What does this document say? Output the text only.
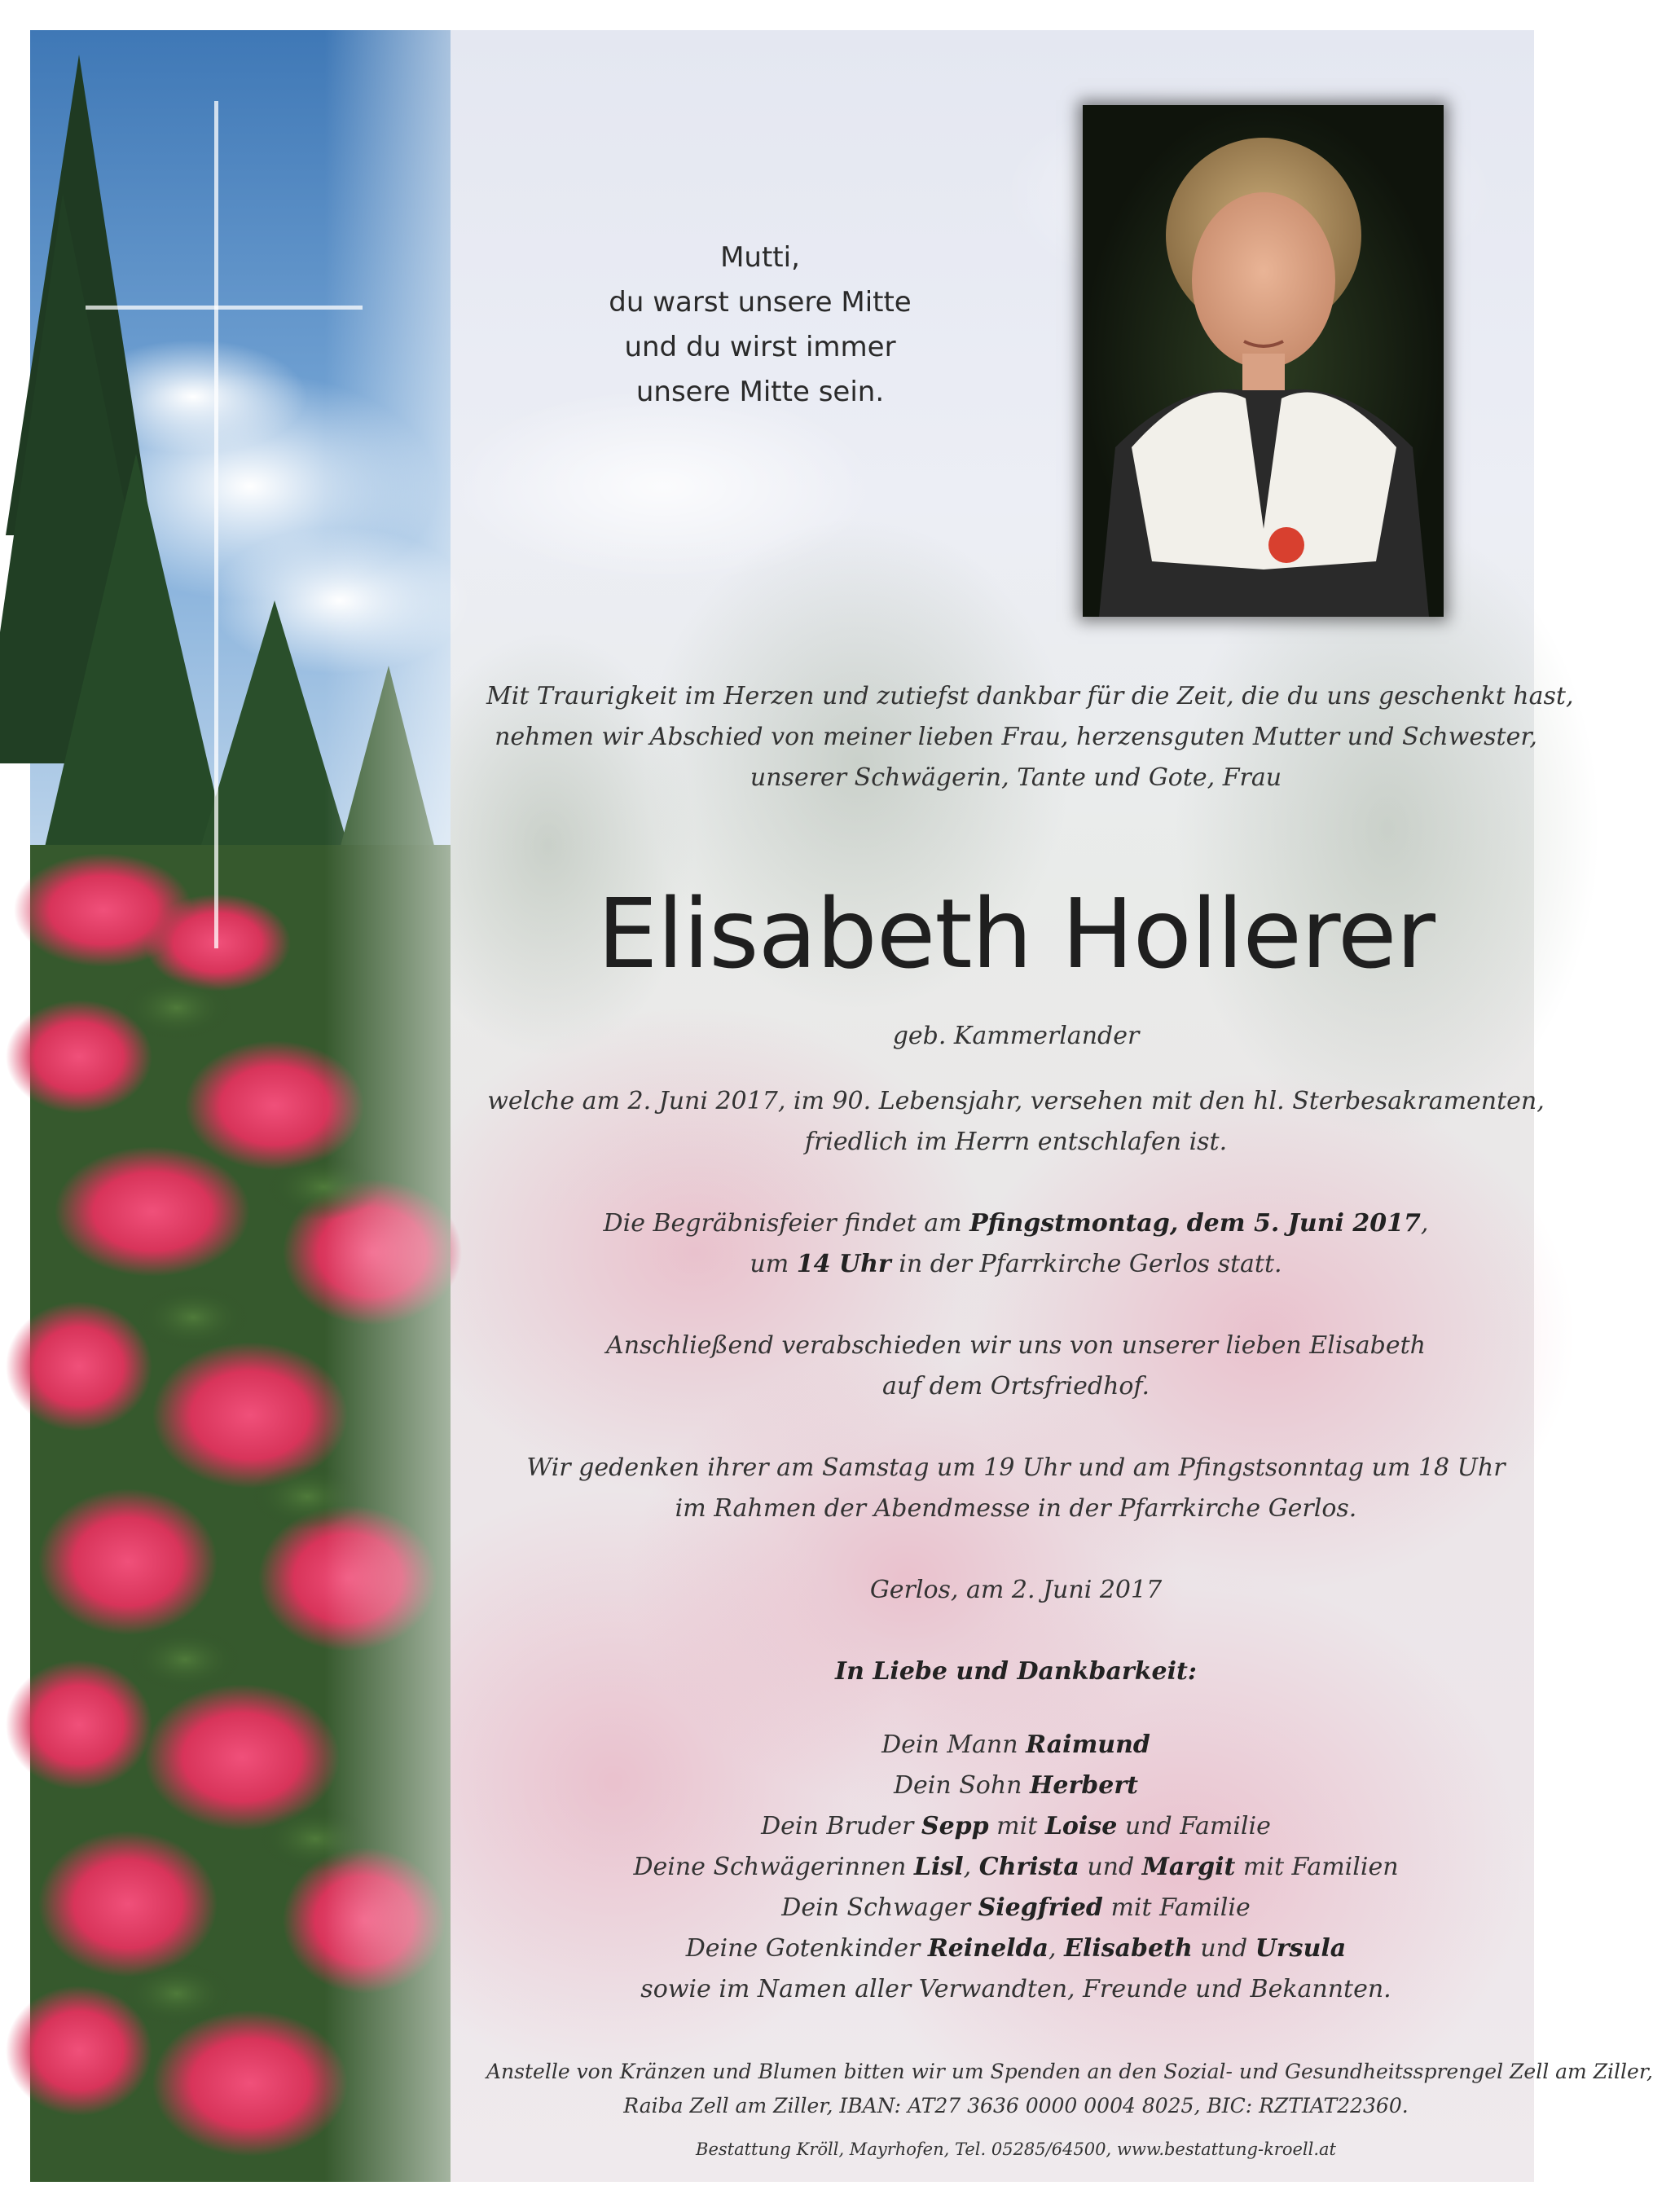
Mutti,
du warst unsere Mitte
und du wirst immer
unsere Mitte sein.
Mit Traurigkeit im Herzen und zutiefst dankbar für die Zeit, die du uns geschenkt hast,
nehmen wir Abschied von meiner lieben Frau, herzensguten Mutter und Schwester,
unserer Schwägerin, Tante und Gote, Frau
Elisabeth Hollerer
geb. Kammerlander
welche am 2. Juni 2017, im 90. Lebensjahr, versehen mit den hl. Sterbesakramenten,
friedlich im Herrn entschlafen ist.
Die Begräbnisfeier findet am Pfingstmontag, dem 5. Juni 2017,
um 14 Uhr in der Pfarrkirche Gerlos statt.
Anschließend verabschieden wir uns von unserer lieben Elisabeth
auf dem Ortsfriedhof.
Wir gedenken ihrer am Samstag um 19 Uhr und am Pfingstsonntag um 18 Uhr
im Rahmen der Abendmesse in der Pfarrkirche Gerlos.
Gerlos, am 2. Juni 2017
In Liebe und Dankbarkeit:
Dein Mann Raimund
Dein Sohn Herbert
Dein Bruder Sepp mit Loise und Familie
Deine Schwägerinnen Lisl, Christa und Margit mit Familien
Dein Schwager Siegfried mit Familie
Deine Gotenkinder Reinelda, Elisabeth und Ursula
sowie im Namen aller Verwandten, Freunde und Bekannten.
Anstelle von Kränzen und Blumen bitten wir um Spenden an den Sozial- und Gesundheitssprengel Zell am Ziller,
Raiba Zell am Ziller, IBAN: AT27 3636 0000 0004 8025, BIC: RZTIAT22360.
Bestattung Kröll, Mayrhofen, Tel. 05285/64500, www.bestattung-kroell.at
